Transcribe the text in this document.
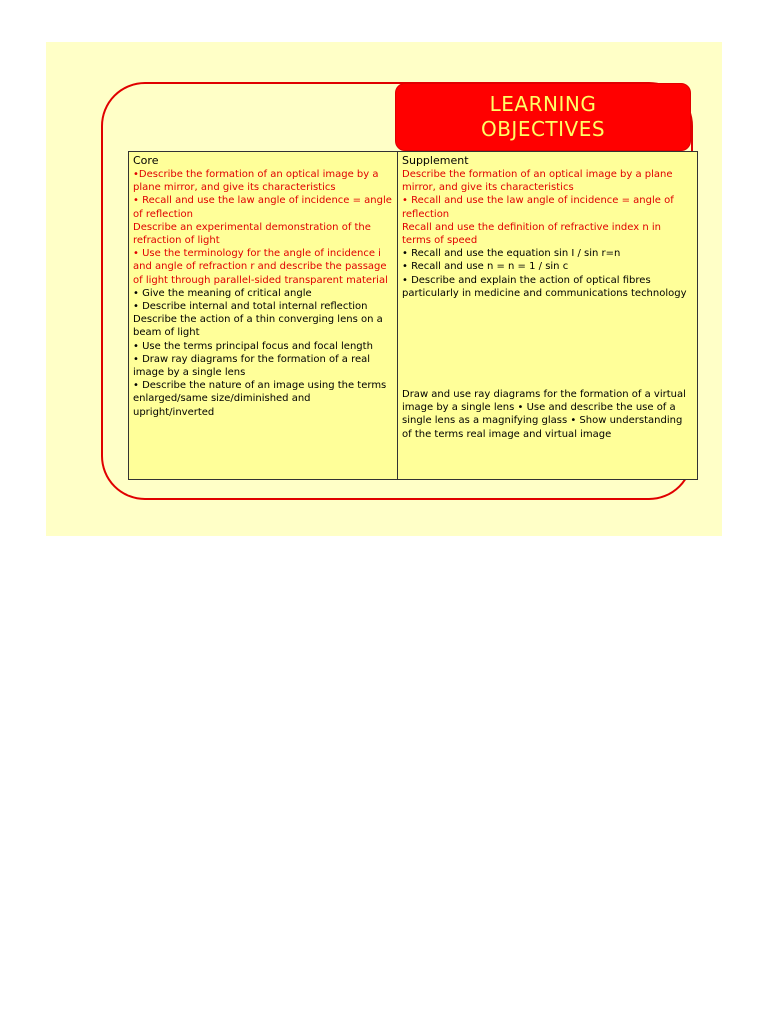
LEARNING
OBJECTIVES
Core

•Describe the formation of an optical image by a plane mirror, and give its characteristics

• Recall and use the law angle of incidence = angle of reflection

Describe an experimental demonstration of the refraction of light

• Use the terminology for the angle of incidence i and angle of refraction r and describe the passage of light through parallel-sided transparent material

• Give the meaning of critical angle

• Describe internal and total internal reflection

Describe the action of a thin converging lens on a beam of light

• Use the terms principal focus and focal length

• Draw ray diagrams for the formation of a real image by a single lens

• Describe the nature of an image using the terms enlarged/same size/diminished and upright/inverted

Supplement

Describe the formation of an optical image by a plane mirror, and give its characteristics

• Recall and use the law angle of incidence = angle of reflection

Recall and use the definition of refractive index n in terms of speed

• Recall and use the equation sin I / sin r=n

• Recall and use n = n = 1 / sin c

• Describe and explain the action of optical fibres particularly in medicine and communications technology

Draw and use ray diagrams for the formation of a virtual image by a single lens • Use and describe the use of a single lens as a magnifying glass • Show understanding of the terms real image and virtual image
